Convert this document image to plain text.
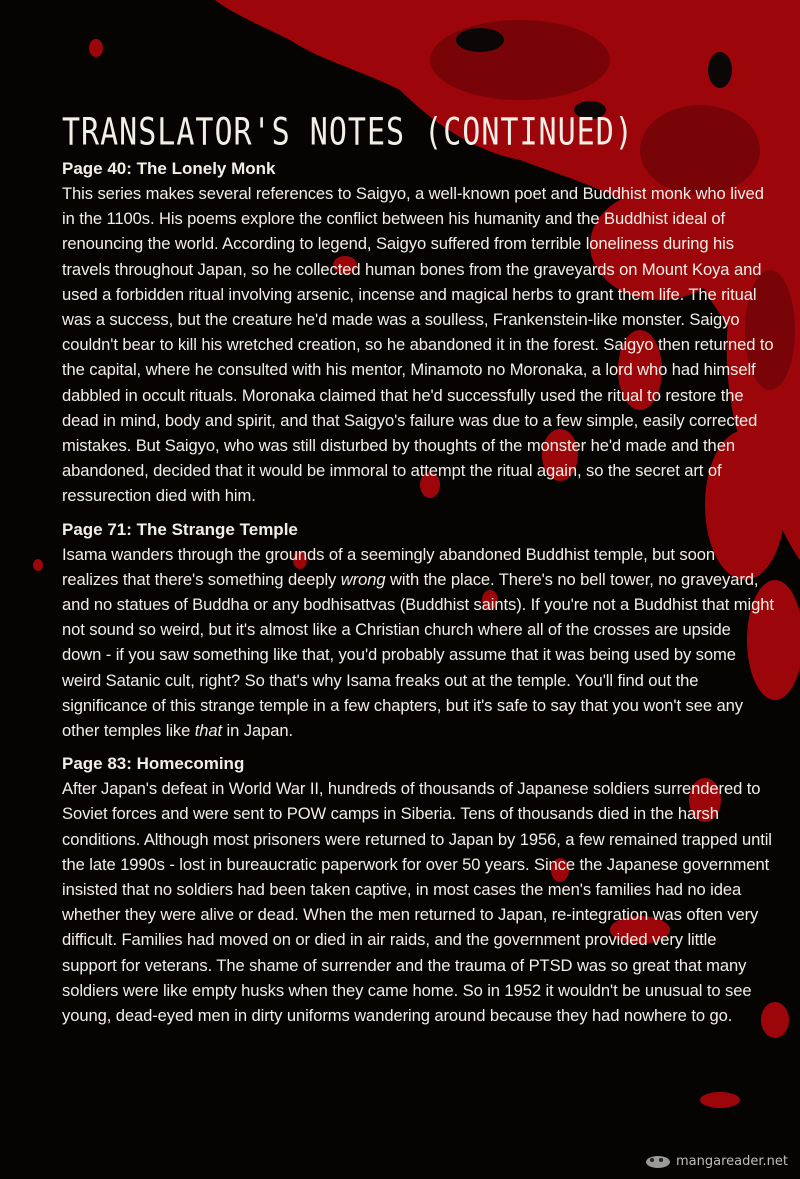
TRANSLATOR'S NOTES (CONTINUED)

Page 40: The Lonely Monk

This series makes several references to Saigyo, a well-known poet and Buddhist monk who lived in the 1100s. His poems explore the conflict between his humanity and the Buddhist ideal of renouncing the world. According to legend, Saigyo suffered from terrible loneliness during his travels throughout Japan, so he collected human bones from the graveyards on Mount Koya and used a forbidden ritual involving arsenic, incense and magical herbs to grant them life. The ritual was a success, but the creature he'd made was a soulless, Frankenstein-like monster. Saigyo couldn't bear to kill his wretched creation, so he abandoned it in the forest. Saigyo then returned to the capital, where he consulted with his mentor, Minamoto no Moronaka, a lord who had himself dabbled in occult rituals. Moronaka claimed that he'd successfully used the ritual to restore the dead in mind, body and spirit, and that Saigyo's failure was due to a few simple, easily corrected mistakes. But Saigyo, who was still disturbed by thoughts of the monster he'd made and then abandoned, decided that it would be immoral to attempt the ritual again, so the secret art of ressurection died with him.

Page 71: The Strange Temple

Isama wanders through the grounds of a seemingly abandoned Buddhist temple, but soon realizes that there's something deeply wrong with the place. There's no bell tower, no graveyard, and no statues of Buddha or any bodhisattvas (Buddhist saints). If you're not a Buddhist that might not sound so weird, but it's almost like a Christian church where all of the crosses are upside down - if you saw something like that, you'd probably assume that it was being used by some weird Satanic cult, right? So that's why Isama freaks out at the temple. You'll find out the significance of this strange temple in a few chapters, but it's safe to say that you won't see any other temples like that in Japan.

Page 83: Homecoming

After Japan's defeat in World War II, hundreds of thousands of Japanese soldiers surrendered to Soviet forces and were sent to POW camps in Siberia. Tens of thousands died in the harsh conditions. Although most prisoners were returned to Japan by 1956, a few remained trapped until the late 1990s - lost in bureaucratic paperwork for over 50 years. Since the Japanese government insisted that no soldiers had been taken captive, in most cases the men's families had no idea whether they were alive or dead. When the men returned to Japan, re-integration was often very difficult. Families had moved on or died in air raids, and the government provided very little support for veterans. The shame of surrender and the trauma of PTSD was so great that many soldiers were like empty husks when they came home. So in 1952 it wouldn't be unusual to see young, dead-eyed men in dirty uniforms wandering around because they had nowhere to go.

mangareader.net
